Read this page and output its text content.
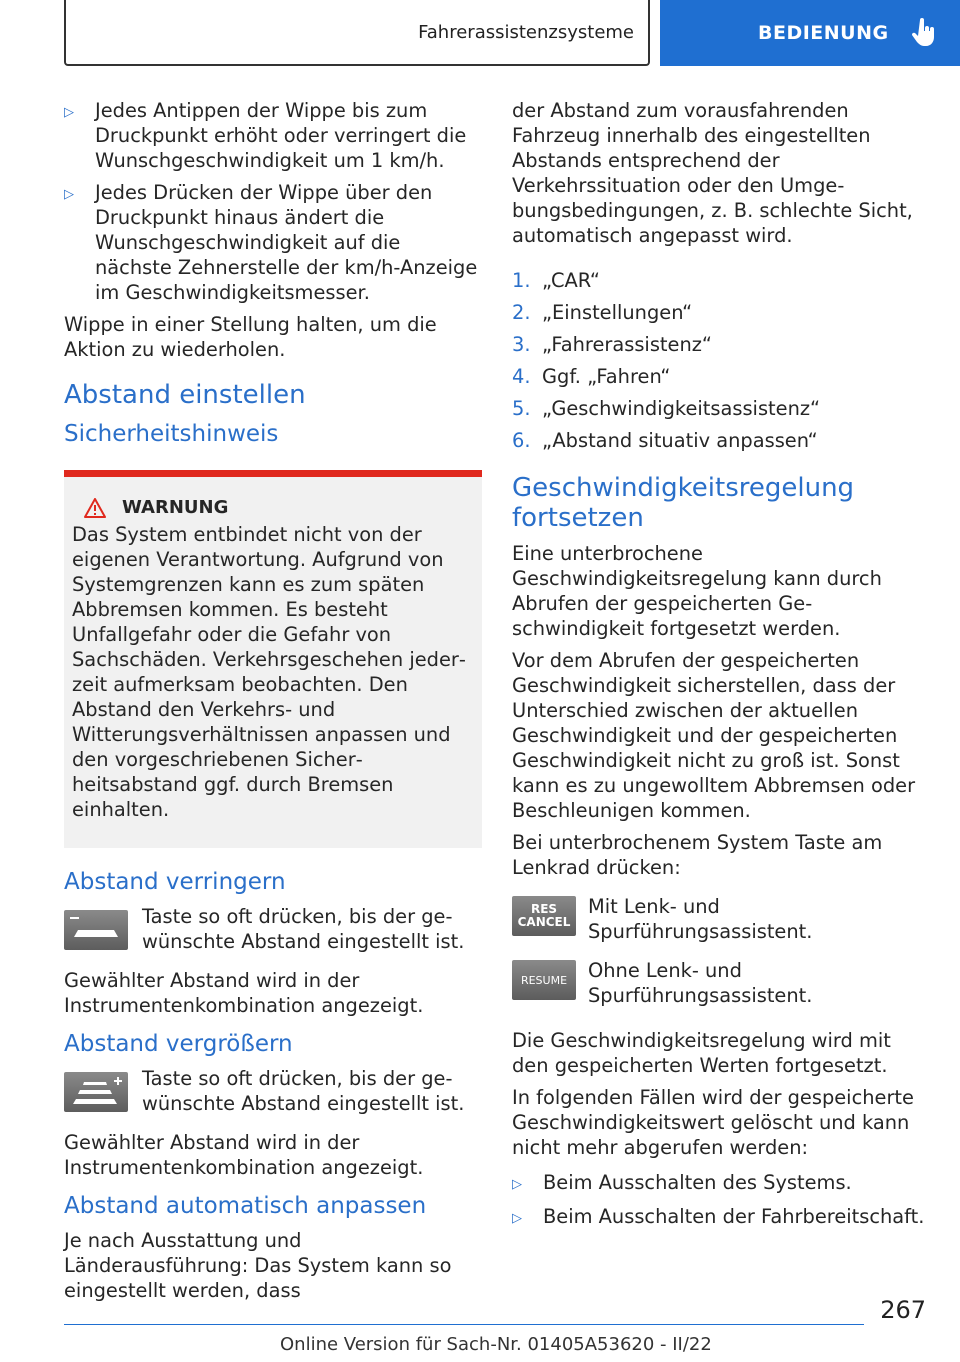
Fahrerassistenzsysteme	BEDIENUNG
▷	Jedes Antippen der Wippe bis zum Druckpunkt erhöht oder verringert die Wunschgeschwindigkeit um 1 km/h.
▷	Jedes Drücken der Wippe über den Druckpunkt hinaus ändert die Wunschgeschwindigkeit auf die nächste Zehnerstelle der km/h-Anzeige im Geschwindigkeitsmesser.
Wippe in einer Stellung halten, um die Aktion zu wiederholen.
Abstand einstellen
Sicherheitshinweis
WARNUNG
Das System entbindet nicht von der eigenen Verantwortung. Aufgrund von Systemgrenzen kann es zum späten Abbremsen kommen. Es besteht Unfallgefahr oder die Gefahr von Sachschäden. Verkehrsgeschehen jederzeit aufmerksam beobachten. Den Abstand den Verkehrs- und Witterungsverhältnissen anpassen und den vorgeschriebenen Sicherheitsabstand ggf. durch Bremsen einhalten.
Abstand verringern
Taste so oft drücken, bis der gewünschte Abstand eingestellt ist.
Gewählter Abstand wird in der Instrumentenkombination angezeigt.
Abstand vergrößern
Taste so oft drücken, bis der gewünschte Abstand eingestellt ist.
Gewählter Abstand wird in der Instrumentenkombination angezeigt.
Abstand automatisch anpassen
Je nach Ausstattung und Länderausführung: Das System kann so eingestellt werden, dass
der Abstand zum vorausfahrenden Fahrzeug innerhalb des eingestellten Abstands entsprechend der Verkehrssituation oder den Umgebungsbedingungen, z. B. schlechte Sicht, automatisch angepasst wird.
1. „CAR“
2. „Einstellungen“
3. „Fahrerassistenz“
4. Ggf. „Fahren“
5. „Geschwindigkeitsassistenz“
6. „Abstand situativ anpassen“
Geschwindigkeitsregelung fortsetzen
Eine unterbrochene Geschwindigkeitsregelung kann durch Abrufen der gespeicherten Geschwindigkeit fortgesetzt werden.
Vor dem Abrufen der gespeicherten Geschwindigkeit sicherstellen, dass der Unterschied zwischen der aktuellen Geschwindigkeit und der gespeicherten Geschwindigkeit nicht zu groß ist. Sonst kann es zu ungewolltem Abbremsen oder Beschleunigen kommen.
Bei unterbrochenem System Taste am Lenkrad drücken:
RES
CANCEL
Mit Lenk- und Spurführungsassistent.
RESUME Ohne Lenk- und Spurführungsassistent.
Die Geschwindigkeitsregelung wird mit den gespeicherten Werten fortgesetzt.
In folgenden Fällen wird der gespeicherte Geschwindigkeitswert gelöscht und kann nicht mehr abgerufen werden:
▷	Beim Ausschalten des Systems.
▷	Beim Ausschalten der Fahrbereitschaft.
267
Online Version für Sach-Nr. 01405A53620 - II/22
